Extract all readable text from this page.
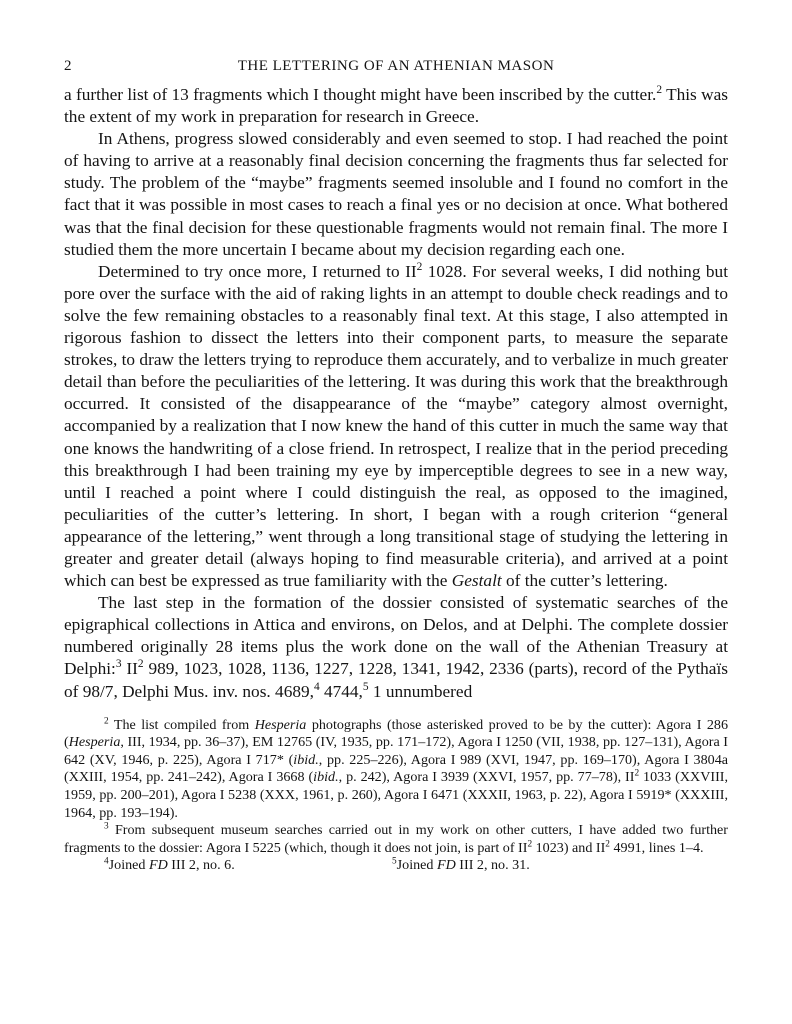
2	THE LETTERING OF AN ATHENIAN MASON

a further list of 13 fragments which I thought might have been inscribed by the cutter.$^2$ This was the extent of my work in preparation for research in Greece.

In Athens, progress slowed considerably and even seemed to stop. I had reached the point of having to arrive at a reasonably final decision concerning the fragments thus far selected for study. The problem of the “maybe” fragments seemed insoluble and I found no comfort in the fact that it was possible in most cases to reach a final yes or no decision at once. What bothered was that the final decision for these questionable fragments would not remain final. The more I studied them the more uncertain I became about my decision regarding each one.

Determined to try once more, I returned to $II^2$ 1028. For several weeks, I did nothing but pore over the surface with the aid of raking lights in an attempt to double check readings and to solve the few remaining obstacles to a reasonably final text. At this stage, I also attempted in rigorous fashion to dissect the letters into their component parts, to measure the separate strokes, to draw the letters trying to reproduce them accurately, and to verbalize in much greater detail than before the peculiarities of the lettering. It was during this work that the breakthrough occurred. It consisted of the disappearance of the “maybe” category almost overnight, accompanied by a realization that I now knew the hand of this cutter in much the same way that one knows the handwriting of a close friend. In retrospect, I realize that in the period preceding this breakthrough I had been training my eye by imperceptible degrees to see in a new way, until I reached a point where I could distinguish the real, as opposed to the imagined, peculiarities of the cutter’s lettering. In short, I began with a rough criterion “general appearance of the lettering,” went through a long transitional stage of studying the lettering in greater and greater detail (always hoping to find measurable criteria), and arrived at a point which can best be expressed as true familiarity with the Gestalt of the cutter’s lettering.

The last step in the formation of the dossier consisted of systematic searches of the epigraphical collections in Attica and environs, on Delos, and at Delphi. The complete dossier numbered originally 28 items plus the work done on the wall of the Athenian Treasury at Delphi:$^3$ $II^2$ 989, 1023, 1028, 1136, 1227, 1228, 1341, 1942, 2336 (parts), record of the Pythaïs of 98/7, Delphi Mus. inv. nos. 4689,$^4$ 4744,$^5$ 1 unnumbered

$^2$ The list compiled from Hesperia photographs (those asterisked proved to be by the cutter): Agora I 286 (Hesperia, III, 1934, pp. 36–37), EM 12765 (IV, 1935, pp. 171–172), Agora I 1250 (VII, 1938, pp. 127–131), Agora I 642 (XV, 1946, p. 225), Agora I 717* (ibid., pp. 225–226), Agora I 989 (XVI, 1947, pp. 169–170), Agora I 3804a (XXIII, 1954, pp. 241–242), Agora I 3668 (ibid., p. 242), Agora I 3939 (XXVI, 1957, pp. 77–78), $II^2$ 1033 (XXVIII, 1959, pp. 200–201), Agora I 5238 (XXX, 1961, p. 260), Agora I 6471 (XXXII, 1963, p. 22), Agora I 5919* (XXXIII, 1964, pp. 193–194).

$^3$ From subsequent museum searches carried out in my work on other cutters, I have added two further fragments to the dossier: Agora I 5225 (which, though it does not join, is part of $II^2$ 1023) and $II^2$ 4991, lines 1–4.

$^4$Joined FD III 2, no. 6.	$^5$Joined FD III 2, no. 31.
